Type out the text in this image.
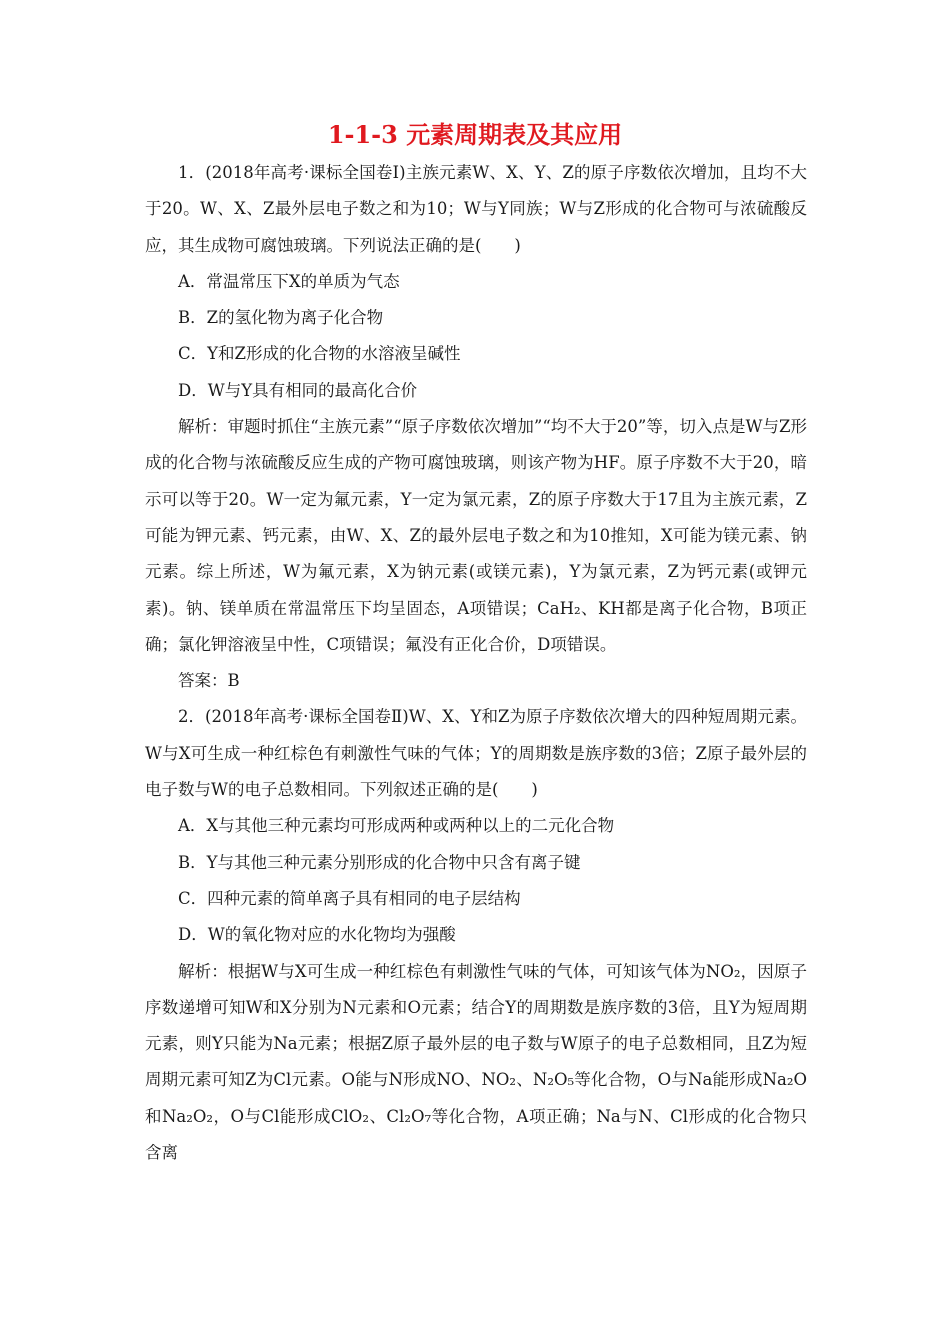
1-1-3 元素周期表及其应用

1．(2018年高考·课标全国卷Ⅰ)主族元素W、X、Y、Z的原子序数依次增加，且均不大于20。W、X、Z最外层电子数之和为10；W与Y同族；W与Z形成的化合物可与浓硫酸反应，其生成物可腐蚀玻璃。下列说法正确的是(　　)

A．常温常压下X的单质为气态

B．Z的氢化物为离子化合物

C．Y和Z形成的化合物的水溶液呈碱性

D．W与Y具有相同的最高化合价

解析：审题时抓住“主族元素”“原子序数依次增加”“均不大于20”等，切入点是W与Z形成的化合物与浓硫酸反应生成的产物可腐蚀玻璃，则该产物为HF。原子序数不大于20，暗示可以等于20。W一定为氟元素，Y一定为氯元素，Z的原子序数大于17且为主族元素，Z可能为钾元素、钙元素，由W、X、Z的最外层电子数之和为10推知，X可能为镁元素、钠元素。综上所述，W为氟元素，X为钠元素(或镁元素)，Y为氯元素，Z为钙元素(或钾元素)。钠、镁单质在常温常压下均呈固态，A项错误；CaH₂、KH都是离子化合物，B项正确；氯化钾溶液呈中性，C项错误；氟没有正化合价，D项错误。

答案：B

2．(2018年高考·课标全国卷Ⅱ)W、X、Y和Z为原子序数依次增大的四种短周期元素。W与X可生成一种红棕色有刺激性气味的气体；Y的周期数是族序数的3倍；Z原子最外层的电子数与W的电子总数相同。下列叙述正确的是(　　)

A．X与其他三种元素均可形成两种或两种以上的二元化合物

B．Y与其他三种元素分别形成的化合物中只含有离子键

C．四种元素的简单离子具有相同的电子层结构

D．W的氧化物对应的水化物均为强酸

解析：根据W与X可生成一种红棕色有刺激性气味的气体，可知该气体为NO₂，因原子序数递增可知W和X分别为N元素和O元素；结合Y的周期数是族序数的3倍，且Y为短周期元素，则Y只能为Na元素；根据Z原子最外层的电子数与W原子的电子总数相同，且Z为短周期元素可知Z为Cl元素。O能与N形成NO、NO₂、N₂O₅等化合物，O与Na能形成Na₂O和Na₂O₂，O与Cl能形成ClO₂、Cl₂O₇等化合物，A项正确；Na与N、Cl形成的化合物只含离
